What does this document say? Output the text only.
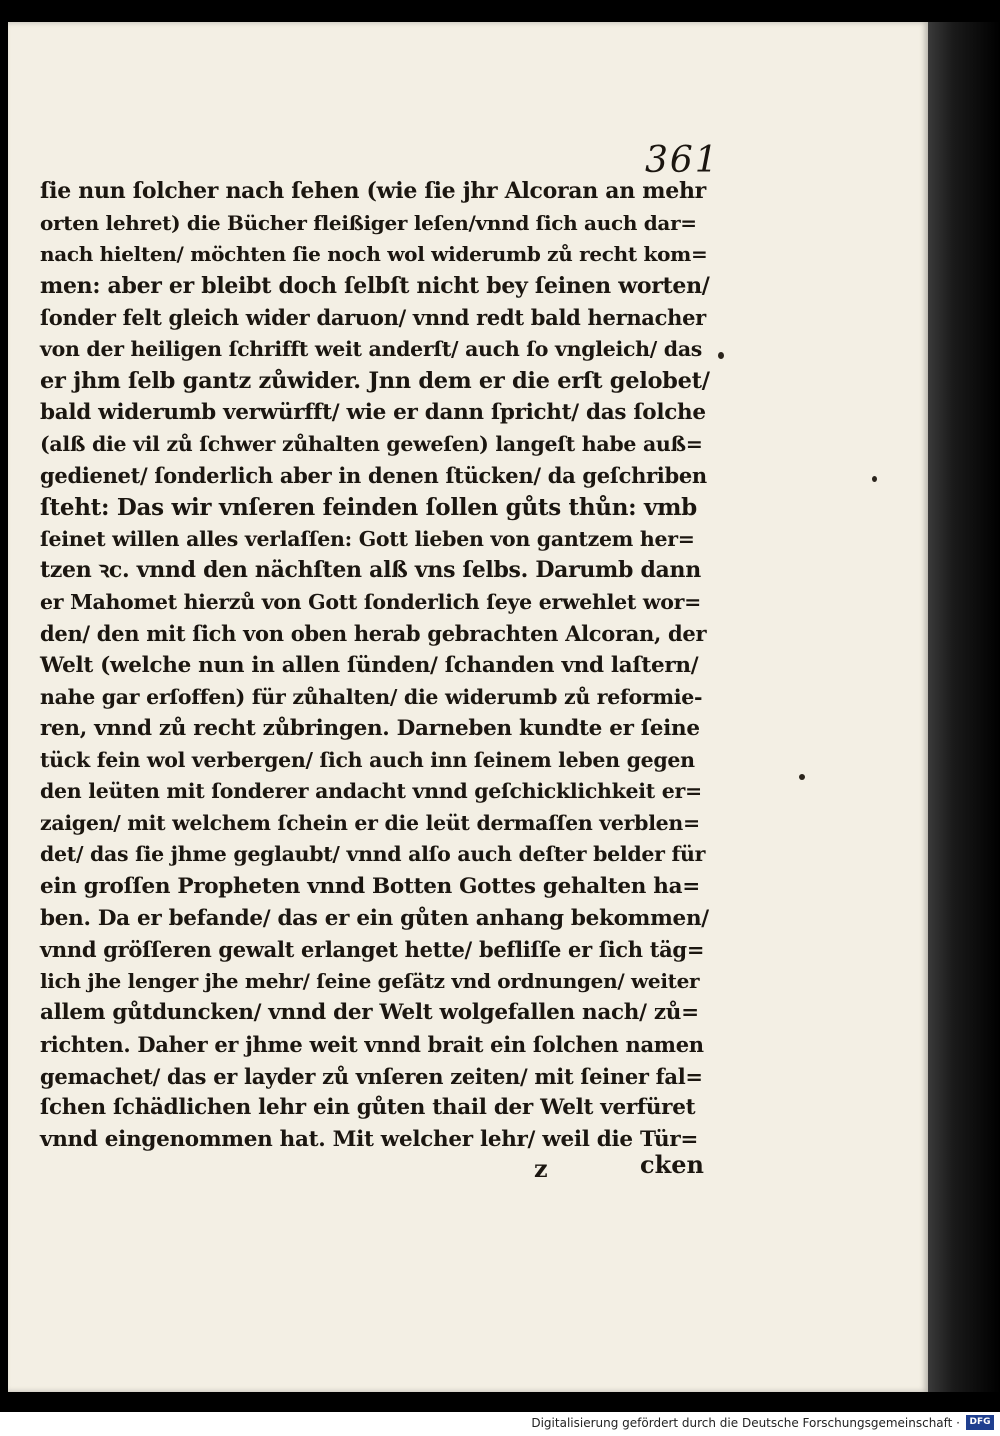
361
ſie nun ſolcher nach ſehen (wie ſie jhr Alcoran an mehr
orten lehret) die Bücher fleißiger leſen/vnnd ſich auch dar=
nach hielten/ möchten ſie noch wol widerumb zů recht kom=
men: aber er bleibt doch ſelbſt nicht bey ſeinen worten/
ſonder felt gleich wider daruon/ vnnd redt bald hernacher
von der heiligen ſchrifft weit anderſt/ auch ſo vngleich/ das
er jhm ſelb gantz zůwider. Jnn dem er die erſt gelobet/
bald widerumb verwürfft/ wie er dann ſpricht/ das ſolche
(alß die vil zů ſchwer zůhalten geweſen) langeſt habe auß=
gedienet/ ſonderlich aber in denen ſtücken/ da geſchriben
ſteht: Das wir vnſeren feinden ſollen gůts thůn: vmb
ſeinet willen alles verlaſſen: Gott lieben von gantzem her=
tzen ꝛc. vnnd den nächſten alß vns ſelbs. Darumb dann
er Mahomet hierzů von Gott ſonderlich ſeye erwehlet wor=
den/ den mit ſich von oben herab gebrachten Alcoran, der
Welt (welche nun in allen ſünden/ ſchanden vnd laſtern/
nahe gar erſoffen) für zůhalten/ die widerumb zů reformie-
ren, vnnd zů recht zůbringen. Darneben kundte er ſeine
tück fein wol verbergen/ ſich auch inn ſeinem leben gegen
den leüten mit ſonderer andacht vnnd geſchicklichkeit er=
zaigen/ mit welchem ſchein er die leüt dermaſſen verblen=
det/ das ſie jhme geglaubt/ vnnd alſo auch deſter belder für
ein groſſen Propheten vnnd Botten Gottes gehalten ha=
ben. Da er befande/ das er ein gůten anhang bekommen/
vnnd gröſſeren gewalt erlanget hette/ befliſſe er ſich täg=
lich jhe lenger jhe mehr/ ſeine geſätz vnd ordnungen/ weiter
allem gůtduncken/ vnnd der Welt wolgefallen nach/ zů=
richten. Daher er jhme weit vnnd brait ein ſolchen namen
gemachet/ das er layder zů vnſeren zeiten/ mit ſeiner fal=
ſchen ſchädlichen lehr ein gůten thail der Welt verfüret
vnnd eingenommen hat. Mit welcher lehr/ weil die Tür=
z	cken
Digitalisierung gefördert durch die Deutsche Forschungsgemeinschaft ·	DFG
